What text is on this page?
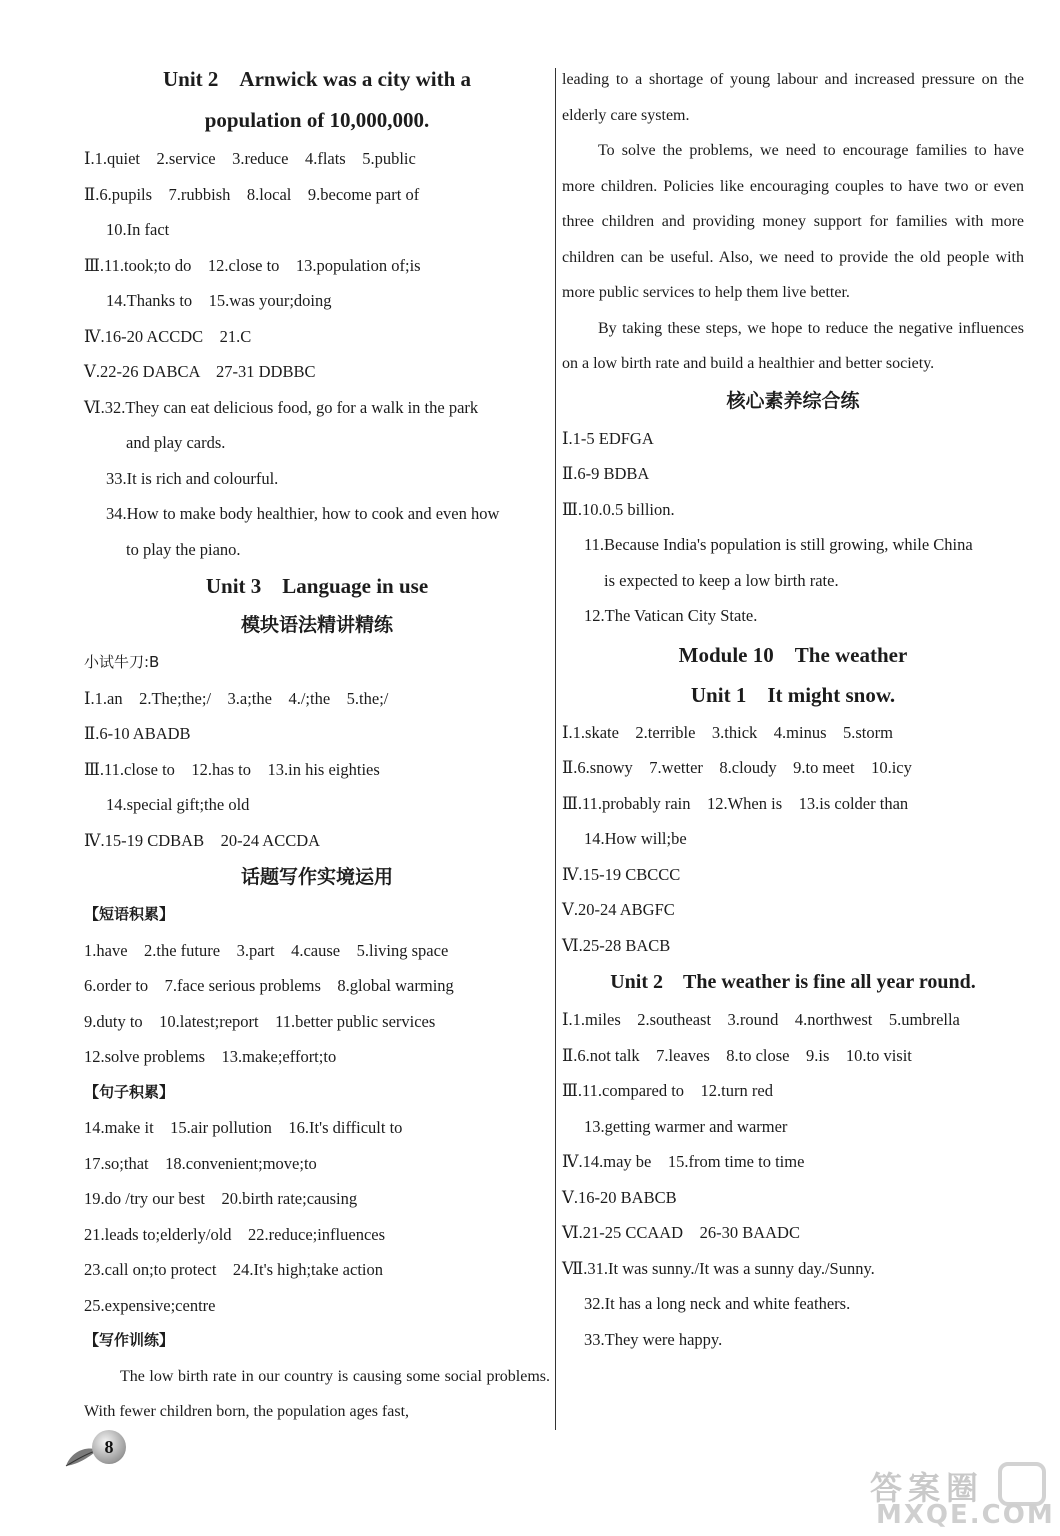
Unit 2　Arnwick was a city with a
population of 10,000,000.
Ⅰ.1.quiet　2.service　3.reduce　4.flats　5.public
Ⅱ.6.pupils　7.rubbish　8.local　9.become part of
10.In fact
Ⅲ.11.took;to do　12.close to　13.population of;is
14.Thanks to　15.was your;doing
Ⅳ.16-20 ACCDC　21.C
Ⅴ.22-26 DABCA　27-31 DDBBC
Ⅵ.32.They can eat delicious food, go for a walk in the park
and play cards.
33.It is rich and colourful.
34.How to make body healthier, how to cook and even how
to play the piano.
Unit 3　Language in use
模块语法精讲精练
小试牛刀:B
Ⅰ.1.an　2.The;the;/　3.a;the　4./;the　5.the;/
Ⅱ.6-10 ABADB
Ⅲ.11.close to　12.has to　13.in his eighties
14.special gift;the old
Ⅳ.15-19 CDBAB　20-24 ACCDA
话题写作实境运用
【短语积累】
1.have　2.the future　3.part　4.cause　5.living space
6.order to　7.face serious problems　8.global warming
9.duty to　10.latest;report　11.better public services
12.solve problems　13.make;effort;to
【句子积累】
14.make it　15.air pollution　16.It's difficult to
17.so;that　18.convenient;move;to
19.do /try our best　20.birth rate;causing
21.leads to;elderly/old　22.reduce;influences
23.call on;to protect　24.It's high;take action
25.expensive;centre
【写作训练】

The low birth rate in our country is causing some social problems. With fewer children born, the population ages fast,

leading to a shortage of young labour and increased pressure on the elderly care system.

To solve the problems, we need to encourage families to have more children. Policies like encouraging couples to have two or even three children and providing money support for families with more children can be useful. Also, we need to provide the old people with more public services to help them live better.

By taking these steps, we hope to reduce the negative influences on a low birth rate and build a healthier and better society.

核心素养综合练
Ⅰ.1-5 EDFGA
Ⅱ.6-9 BDBA
Ⅲ.10.0.5 billion.
11.Because India's population is still growing, while China
is expected to keep a low birth rate.
12.The Vatican City State.
Module 10　The weather
Unit 1　It might snow.
Ⅰ.1.skate　2.terrible　3.thick　4.minus　5.storm
Ⅱ.6.snowy　7.wetter　8.cloudy　9.to meet　10.icy
Ⅲ.11.probably rain　12.When is　13.is colder than
14.How will;be
Ⅳ.15-19 CBCCC
Ⅴ.20-24 ABGFC
Ⅵ.25-28 BACB
Unit 2　The weather is fine all year round.
Ⅰ.1.miles　2.southeast　3.round　4.northwest　5.umbrella
Ⅱ.6.not talk　7.leaves　8.to close　9.is　10.to visit
Ⅲ.11.compared to　12.turn red
13.getting warmer and warmer
Ⅳ.14.may be　15.from time to time
Ⅴ.16-20 BABCB
Ⅵ.21-25 CCAAD　26-30 BAADC
Ⅶ.31.It was sunny./It was a sunny day./Sunny.
32.It has a long neck and white feathers.
33.They were happy.
8
答案圈
MXQE.COM
